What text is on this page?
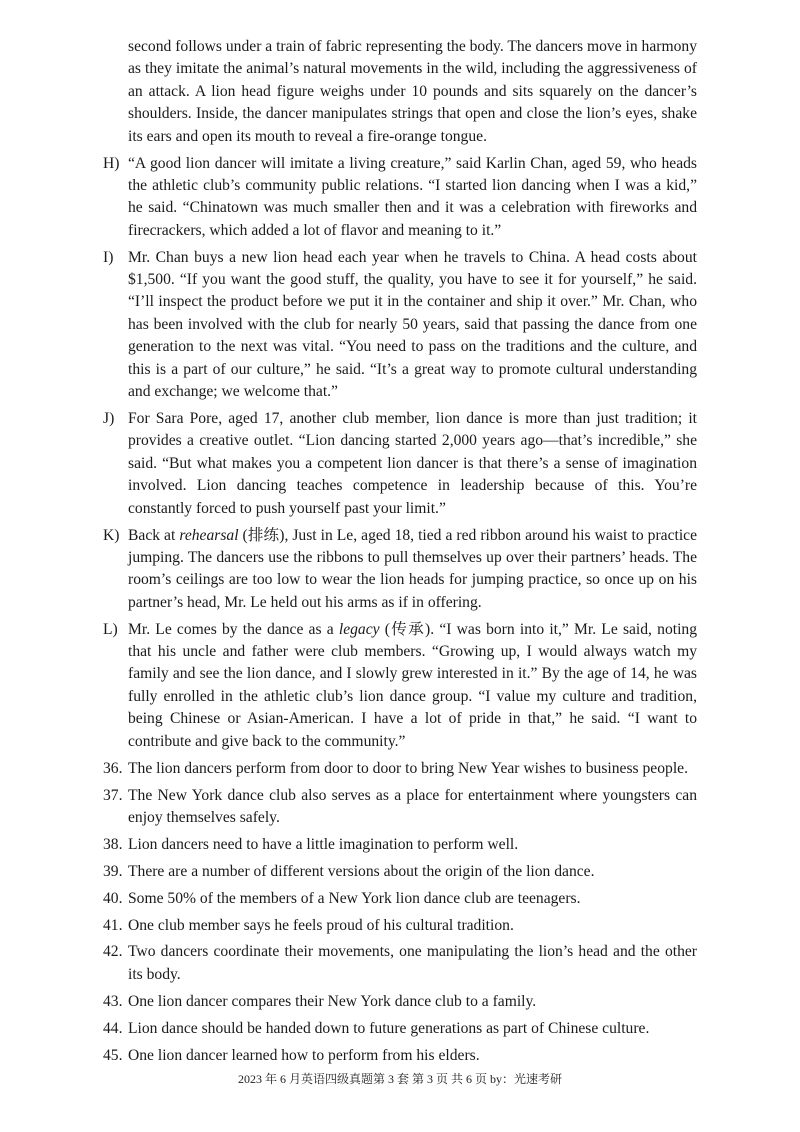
second follows under a train of fabric representing the body. The dancers move in harmony as they imitate the animal’s natural movements in the wild, including the aggressiveness of an attack. A lion head figure weighs under 10 pounds and sits squarely on the dancer’s shoulders. Inside, the dancer manipulates strings that open and close the lion’s eyes, shake its ears and open its mouth to reveal a fire-orange tongue.
H) “A good lion dancer will imitate a living creature,” said Karlin Chan, aged 59, who heads the athletic club’s community public relations. “I started lion dancing when I was a kid,” he said. “Chinatown was much smaller then and it was a celebration with fireworks and firecrackers, which added a lot of flavor and meaning to it.”
I) Mr. Chan buys a new lion head each year when he travels to China. A head costs about $1,500. “If you want the good stuff, the quality, you have to see it for yourself,” he said. “I’ll inspect the product before we put it in the container and ship it over.” Mr. Chan, who has been involved with the club for nearly 50 years, said that passing the dance from one generation to the next was vital. “You need to pass on the traditions and the culture, and this is a part of our culture,” he said. “It’s a great way to promote cultural understanding and exchange; we welcome that.”
J) For Sara Pore, aged 17, another club member, lion dance is more than just tradition; it provides a creative outlet. “Lion dancing started 2,000 years ago—that’s incredible,” she said. “But what makes you a competent lion dancer is that there’s a sense of imagination involved. Lion dancing teaches competence in leadership because of this. You’re constantly forced to push yourself past your limit.”
K) Back at rehearsal (排练), Just in Le, aged 18, tied a red ribbon around his waist to practice jumping. The dancers use the ribbons to pull themselves up over their partners’ heads. The room’s ceilings are too low to wear the lion heads for jumping practice, so once up on his partner’s head, Mr. Le held out his arms as if in offering.
L) Mr. Le comes by the dance as a legacy (传承). “I was born into it,” Mr. Le said, noting that his uncle and father were club members. “Growing up, I would always watch my family and see the lion dance, and I slowly grew interested in it.” By the age of 14, he was fully enrolled in the athletic club’s lion dance group. “I value my culture and tradition, being Chinese or Asian-American. I have a lot of pride in that,” he said. “I want to contribute and give back to the community.”
36. The lion dancers perform from door to door to bring New Year wishes to business people.
37. The New York dance club also serves as a place for entertainment where youngsters can enjoy themselves safely.
38. Lion dancers need to have a little imagination to perform well.
39. There are a number of different versions about the origin of the lion dance.
40. Some 50% of the members of a New York lion dance club are teenagers.
41. One club member says he feels proud of his cultural tradition.
42. Two dancers coordinate their movements, one manipulating the lion’s head and the other its body.
43. One lion dancer compares their New York dance club to a family.
44. Lion dance should be handed down to future generations as part of Chinese culture.
45. One lion dancer learned how to perform from his elders.
2023 年 6 月英语四级真题第 3 套 第 3 页 共 6 页 by：光速考研
